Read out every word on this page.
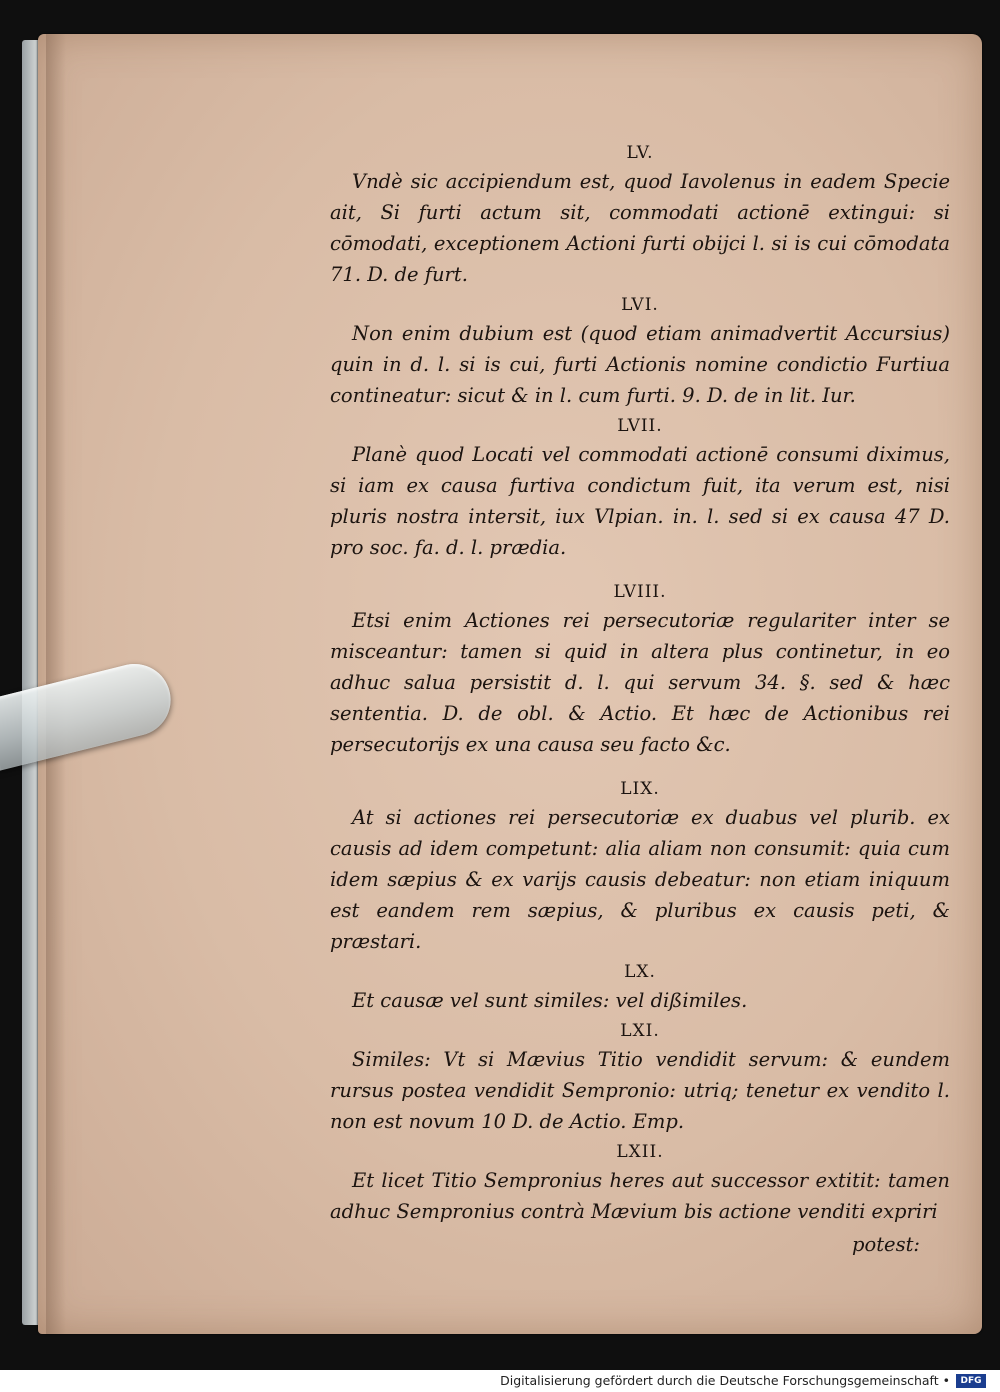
LV.

Vndè sic accipiendum est, quod Iavolenus in eadem Specie ait, Si furti actum sit, commodati actionē extingui: si cōmodati, exceptionem Actioni furti obijci l. si is cui cōmodata 71. D. de furt.

LVI.

Non enim dubium est (quod etiam animadvertit Accursius) quin in d. l. si is cui, furti Actionis nomine condictio Furtiua contineatur: sicut & in l. cum furti. 9. D. de in lit. Iur.

LVII.

Planè quod Locati vel commodati actionē consumi diximus, si iam ex causa furtiva condictum fuit, ita verum est, nisi pluris nostra intersit, iux Vlpian. in. l. sed si ex causa 47 D. pro soc. fa. d. l. prædia.

LVIII.

Etsi enim Actiones rei persecutoriæ regulariter inter se misceantur: tamen si quid in altera plus continetur, in eo adhuc salua persistit d. l. qui servum 34. §. sed & hæc sententia. D. de obl. & Actio. Et hæc de Actionibus rei persecutorijs ex una causa seu facto &c.

LIX.

At si actiones rei persecutoriæ ex duabus vel plurib. ex causis ad idem competunt: alia aliam non consumit: quia cum idem sæpius & ex varijs causis debeatur: non etiam iniquum est eandem rem sæpius, & pluribus ex causis peti, & præstari.

LX.

Et causæ vel sunt similes: vel dißimiles.

LXI.

Similes: Vt si Mævius Titio vendidit servum: & eundem rursus postea vendidit Sempronio: utriq; tenetur ex vendito l. non est novum 10 D. de Actio. Emp.

LXII.

Et licet Titio Sempronius heres aut successor extitit: tamen adhuc Sempronius contrà Mævium bis actione venditi expriri

potest:

Digitalisierung gefördert durch die Deutsche Forschungsgemeinschaft •	DFG
